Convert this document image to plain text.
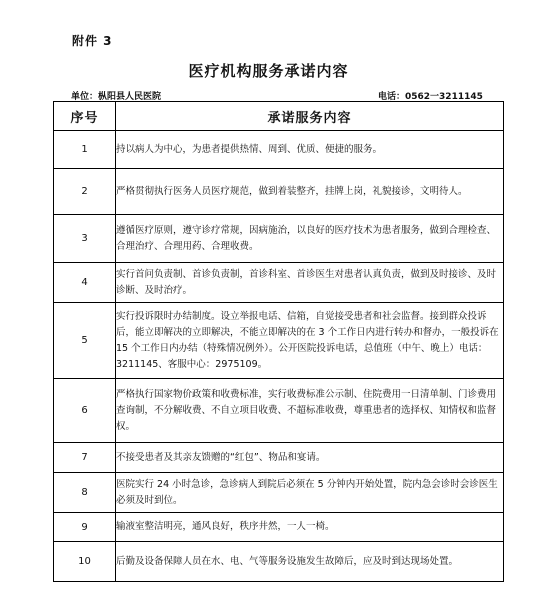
附件 3
医疗机构服务承诺内容
单位：枞阳县人民医院	电话：0562一3211145
序号	承诺服务内容
1	持以病人为中心，为患者提供热情、周到、优质、便捷的服务。
2	严格贯彻执行医务人员医疗规范，做到着装整齐，挂牌上岗，礼貌接诊，文明待人。
3	遵循医疗原则，遵守诊疗常规，因病施治，以良好的医疗技术为患者服务，做到合理检查、合理治疗、合理用药、合理收费。
4	实行首问负责制、首诊负责制，首诊科室、首诊医生对患者认真负责，做到及时接诊、及时诊断、及时治疗。
5	实行投诉限时办结制度。设立举报电话、信箱，自觉接受患者和社会监督。接到群众投诉后，能立即解决的立即解决，不能立即解决的在 3 个工作日内进行转办和督办，一般投诉在 15 个工作日内办结（特殊情况例外）。公开医院投诉电话，总值班（中午、晚上）电话：3211145、客服中心：2975109。
6	严格执行国家物价政策和收费标准，实行收费标准公示制、住院费用一日清单制、门诊费用查询制，不分解收费、不自立项目收费、不超标准收费，尊重患者的选择权、知情权和监督权。
7	不接受患者及其亲友馈赠的“红包”、物品和宴请。
8	医院实行 24 小时急诊，急诊病人到院后必须在 5 分钟内开始处置，院内急会诊时会诊医生必须及时到位。
9	输液室整洁明亮，通风良好，秩序井然，一人一椅。
10	后勤及设备保障人员在水、电、气等服务设施发生故障后，应及时到达现场处置。
